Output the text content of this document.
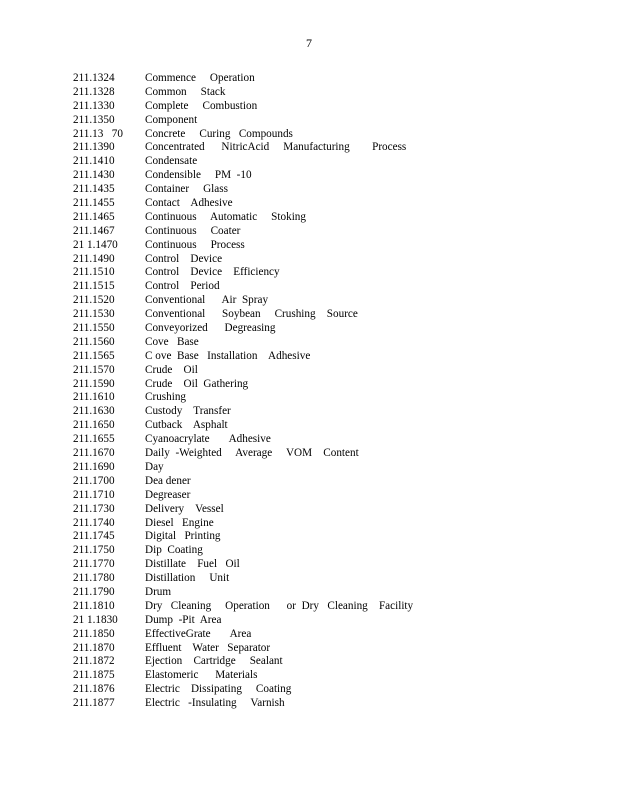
7
211.1324	Commence     Operation
211.1328	Common     Stack
211.1330	Complete     Combustion
211.1350	Component
211.13   70	Concrete     Curing   Compounds
211.1390	Concentrated      NitricAcid     Manufacturing        Process
211.1410	Condensate
211.1430	Condensible     PM  -10
211.1435	Container     Glass
211.1455	Contact    Adhesive
211.1465	Continuous     Automatic     Stoking
211.1467	Continuous     Coater
21 1.1470	Continuous     Process
211.1490	Control    Device
211.1510	Control    Device    Efficiency
211.1515	Control    Period
211.1520	Conventional      Air  Spray
211.1530	Conventional      Soybean     Crushing    Source
211.1550	Conveyorized      Degreasing
211.1560	Cove   Base
211.1565	C ove  Base   Installation    Adhesive
211.1570	Crude    Oil
211.1590	Crude    Oil  Gathering
211.1610	Crushing
211.1630	Custody    Transfer
211.1650	Cutback    Asphalt
211.1655	Cyanoacrylate       Adhesive
211.1670	Daily  -Weighted     Average     VOM    Content
211.1690	Day
211.1700	Dea dener
211.1710	Degreaser
211.1730	Delivery    Vessel
211.1740	Diesel   Engine
211.1745	Digital   Printing
211.1750	Dip  Coating
211.1770	Distillate    Fuel   Oil
211.1780	Distillation     Unit
211.1790	Drum
211.1810	Dry   Cleaning     Operation      or  Dry   Cleaning    Facility
21 1.1830	Dump  -Pit  Area
211.1850	EffectiveGrate       Area
211.1870	Effluent    Water   Separator
211.1872	Ejection    Cartridge     Sealant
211.1875	Elastomeric      Materials
211.1876	Electric    Dissipating     Coating
211.1877	Electric   -Insulating     Varnish
